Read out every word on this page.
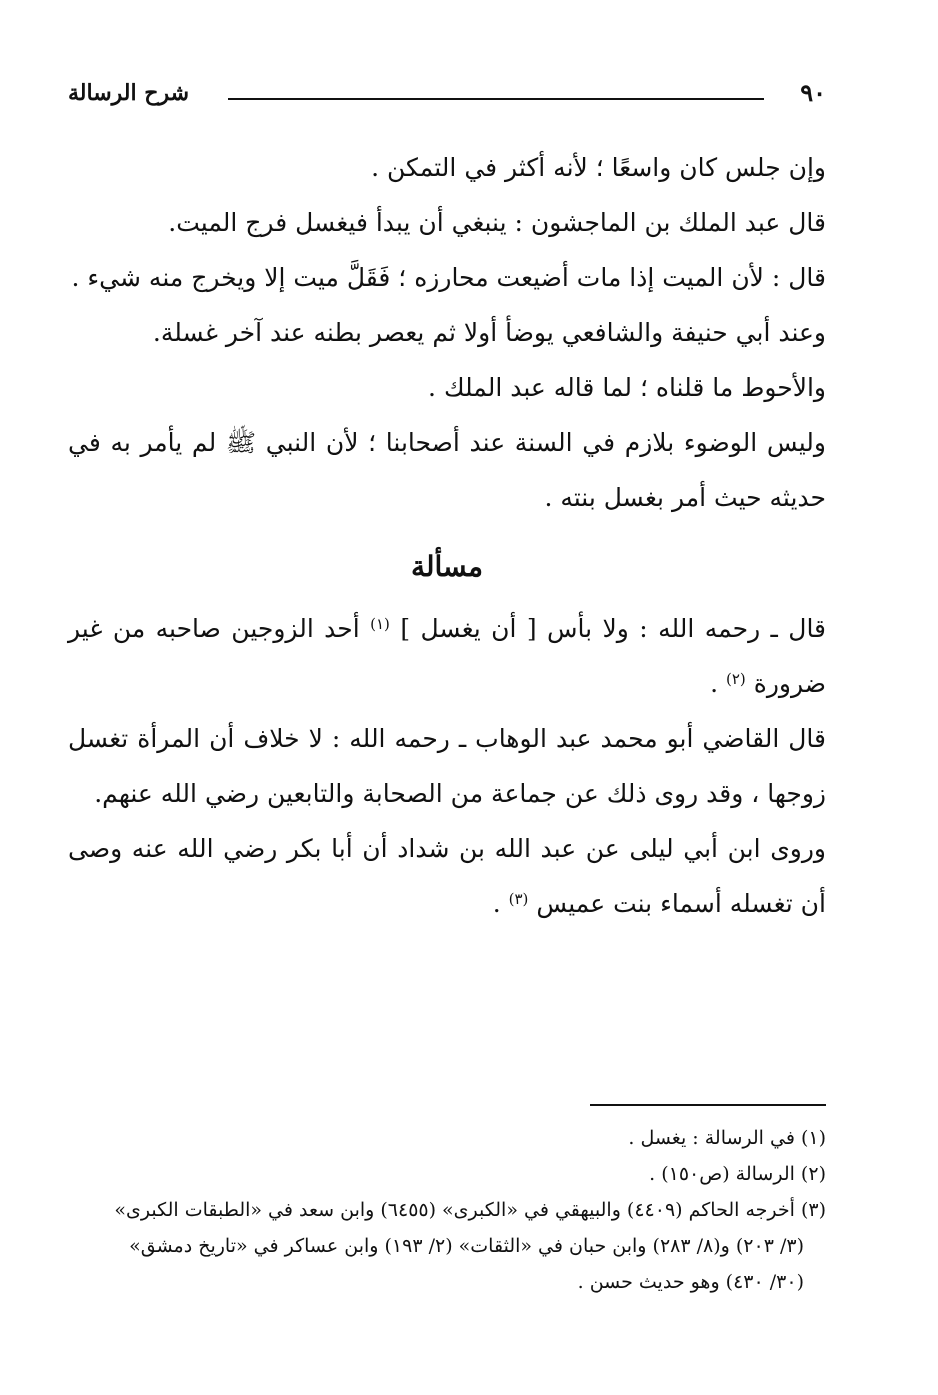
٩٠
شرح الرسالة

وإن جلس كان واسعًا ؛ لأنه أكثر في التمكن .

قال عبد الملك بن الماجشون : ينبغي أن يبدأ فيغسل فرج الميت.

قال : لأن الميت إذا مات أضيعت محارزه ؛ فَقَلَّ ميت إلا ويخرج منه شيء .

وعند أبي حنيفة والشافعي يوضأ أولا ثم يعصر بطنه عند آخر غسلة.

والأحوط ما قلناه ؛ لما قاله عبد الملك .

وليس الوضوء بلازم في السنة عند أصحابنا ؛ لأن النبي ﷺ لم يأمر به في حديثه حيث أمر بغسل بنته .

مسألة

قال ـ رحمه الله : ولا بأس [ أن يغسل ] $^{(١)}$ أحد الزوجين صاحبه من غير ضرورة $^{(٢)}$ .

قال القاضي أبو محمد عبد الوهاب ـ رحمه الله : لا خلاف أن المرأة تغسل زوجها ، وقد روى ذلك عن جماعة من الصحابة والتابعين رضي الله عنهم.

وروى ابن أبي ليلى عن عبد الله بن شداد أن أبا بكر رضي الله عنه وصى أن تغسله أسماء بنت عميس $^{(٣)}$ .

(١) في الرسالة : يغسل .

(٢) الرسالة (ص١٥٠) .

(٣) أخرجه الحاكم (٤٤٠٩) والبيهقي في «الكبرى» (٦٤٥٥) وابن سعد في «الطبقات الكبرى»
(٣/ ٢٠٣) و(٨/ ٢٨٣) وابن حبان في «الثقات» (٢/ ١٩٣) وابن عساكر في «تاريخ دمشق»
(٣٠/ ٤٣٠) وهو حديث حسن .
